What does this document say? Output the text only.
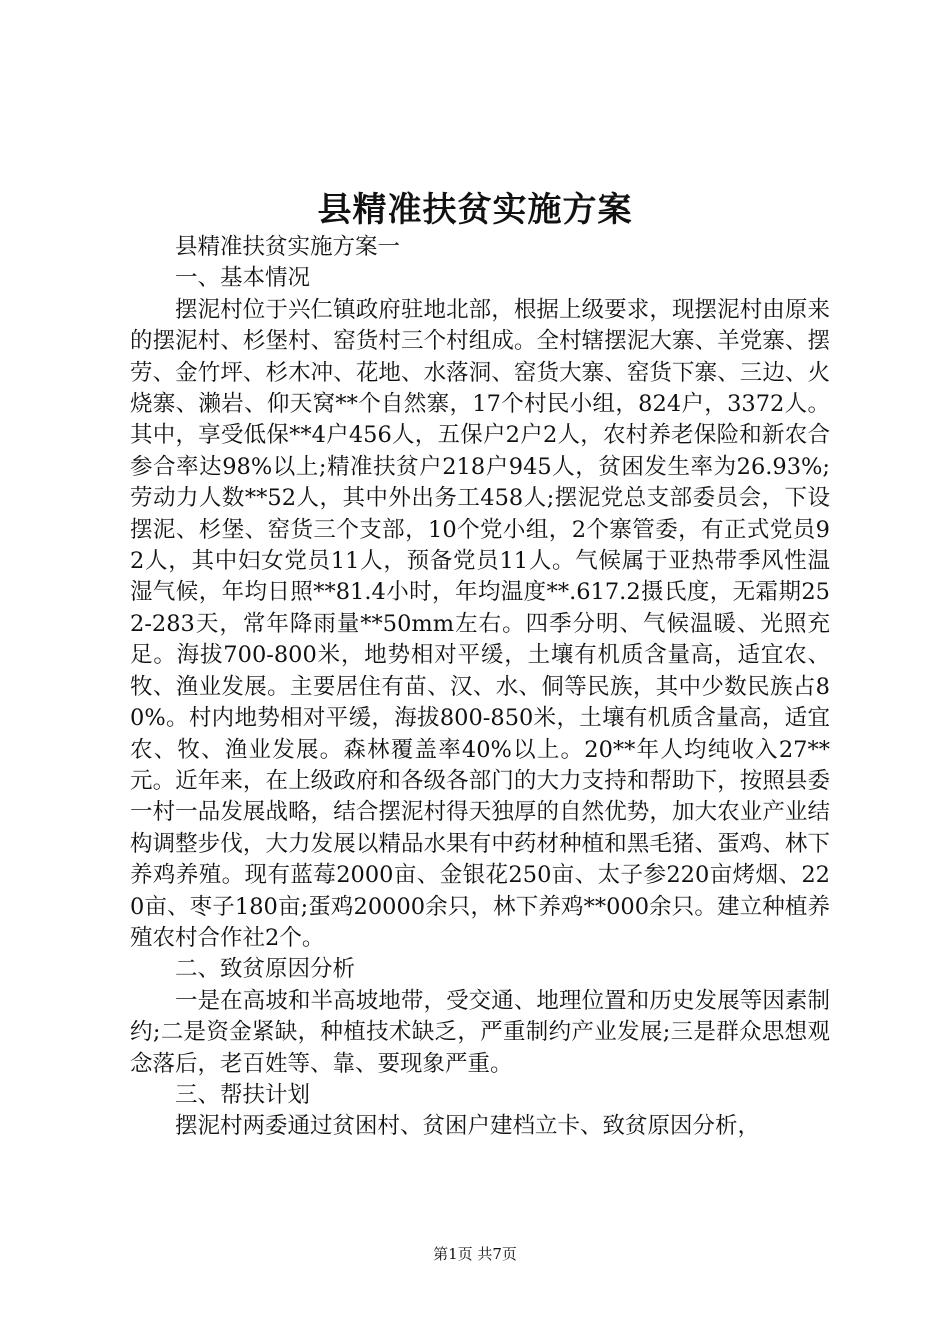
县精准扶贫实施方案

县精准扶贫实施方案一

一、基本情况

摆泥村位于兴仁镇政府驻地北部，根据上级要求，现摆泥村由原来的摆泥村、杉堡村、窑货村三个村组成。全村辖摆泥大寨、羊党寨、摆劳、金竹坪、杉木冲、花地、水落洞、窑货大寨、窑货下寨、三边、火烧寨、濑岩、仰天窝**个自然寨，17个村民小组，824户，3372人。其中，享受低保**4户456人，五保户2户2人，农村养老保险和新农合参合率达98%以上;精准扶贫户218户945人，贫困发生率为26.93%;劳动力人数**52人，其中外出务工458人;摆泥党总支部委员会，下设摆泥、杉堡、窑货三个支部，10个党小组，2个寨管委，有正式党员92人，其中妇女党员11人，预备党员11人。气候属于亚热带季风性温湿气候，年均日照**81.4小时，年均温度**.617.2摄氏度，无霜期252-283天，常年降雨量**50mm左右。四季分明、气候温暖、光照充足。海拔700-800米，地势相对平缓，土壤有机质含量高，适宜农、牧、渔业发展。主要居住有苗、汉、水、侗等民族，其中少数民族占80%。村内地势相对平缓，海拔800-850米，土壤有机质含量高，适宜农、牧、渔业发展。森林覆盖率40%以上。20**年人均纯收入27**元。近年来，在上级政府和各级各部门的大力支持和帮助下，按照县委一村一品发展战略，结合摆泥村得天独厚的自然优势，加大农业产业结构调整步伐，大力发展以精品水果有中药材种植和黑毛猪、蛋鸡、林下养鸡养殖。现有蓝莓2000亩、金银花250亩、太子参220亩烤烟、220亩、枣子180亩;蛋鸡20000余只，林下养鸡**000余只。建立种植养殖农村合作社2个。

二、致贫原因分析

一是在高坡和半高坡地带，受交通、地理位置和历史发展等因素制约;二是资金紧缺，种植技术缺乏，严重制约产业发展;三是群众思想观念落后，老百姓等、靠、要现象严重。

三、帮扶计划

摆泥村两委通过贫困村、贫困户建档立卡、致贫原因分析，

第1页 共7页
